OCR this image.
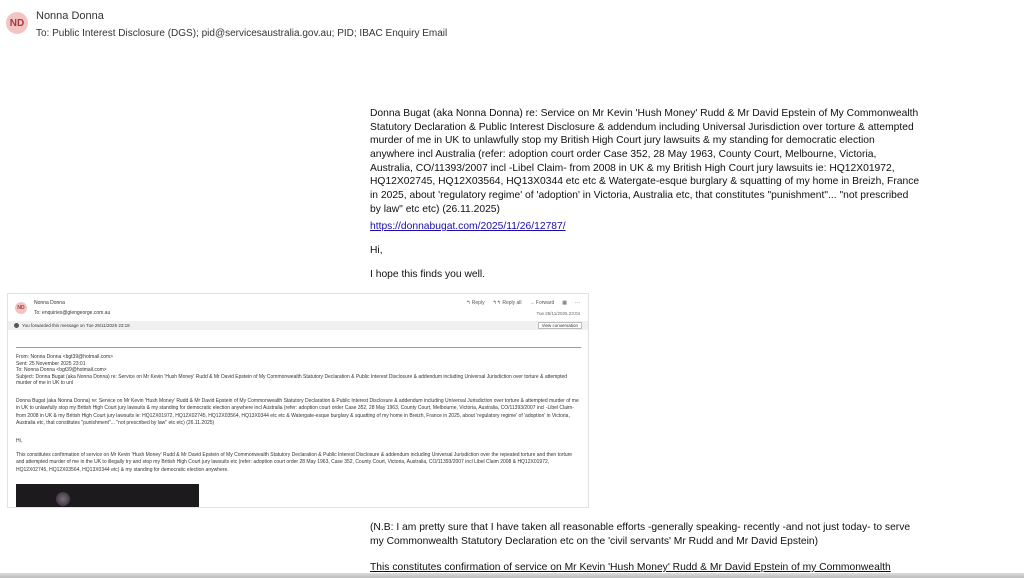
ND
Nonna Donna
To: Public Interest Disclosure (DGS); pid@servicesaustralia.gov.au; PID; IBAC Enquiry Email
Donna Bugat (aka Nonna Donna) re: Service on Mr Kevin 'Hush Money' Rudd & Mr David Epstein of My Commonwealth Statutory Declaration & Public Interest Disclosure & addendum including Universal Jurisdiction over torture & attempted murder of me in UK to unlawfully stop my British High Court jury lawsuits & my standing for democratic election anywhere incl Australia (refer: adoption court order Case 352, 28 May 1963, County Court, Melbourne, Victoria, Australia, CO/11393/2007 incl -Libel Claim- from 2008 in UK & my British High Court jury lawsuits ie: HQ12X01972, HQ12X02745, HQ12X03564, HQ13X0344 etc etc & Watergate-esque burglary & squatting of my home in Breizh, France in 2025, about 'regulatory regime' of 'adoption' in Victoria, Australia etc, that constitutes "punishment"... "not prescribed by law" etc etc) (26.11.2025)
https://donnabugat.com/2025/11/26/12787/
Hi,
I hope this finds you well.
ND
Nonna Donna
To: enquiries@glengeorge.com.au
↰ Reply ↰↰ Reply all → Forward ▦ ···
Tue 25/11/2025 23:04
You forwarded this message on Tue 25/11/2025 23:18	View conversation
From: Nonna Donna <bgt39@hotmail.com>
Sent: 25 November 2025 23:01
To: Nonna Donna <bgt39@hotmail.com>
Subject: Donna Bugat (aka Nonna Donna) re: Service on Mr Kevin 'Hush Money' Rudd & Mr David Epstein of My Commonwealth Statutory Declaration & Public Interest Disclosure & addendum including Universal Jurisdiction over torture & attempted murder of me in UK to unl
Donna Bugat (aka Nonna Donna) re: Service on Mr Kevin 'Hush Money' Rudd & Mr David Epstein of My Commonwealth Statutory Declaration & Public Interest Disclosure & addendum including Universal Jurisdiction over torture & attempted murder of me in UK to unlawfully stop my British High Court jury lawsuits & my standing for democratic election anywhere incl Australia (refer: adoption court order Case 352, 28 May 1963, County Court, Melbourne, Victoria, Australia, CO/11393/2007 incl -Libel Claim- from 2008 in UK & my British High Court jury lawsuits ie: HQ12X01972, HQ12X02745, HQ12X03564, HQ13X0344 etc etc & Watergate-esque burglary & squatting of my home in Breizh, France in 2025, about 'regulatory regime' of 'adoption' in Victoria, Australia etc, that constitutes "punishment"... "not prescribed by law" etc etc) (26.11.2025)
Hi,
This constitutes confirmation of service on Mr Kevin 'Hush Money' Rudd & Mr David Epstein of My Commonwealth Statutory Declaration & Public Interest Disclosure & addendum including Universal Jurisdiction over the repeated torture and then torture and attempted murder of me in the UK to illegally try and stop my British High Court jury lawsuits etc (refer: adoption court order 28 May 1963, Case 352, County Court, Victoria, Australia, CO/11393/2007 incl Libel Claim 2008 & HQ12X01972, HQ12X02745, HQ12X03564, HQ13X0344 etc) & my standing for democratic election anywhere.
(N.B: I am pretty sure that I have taken all reasonable efforts -generally speaking- recently -and not just today- to serve my Commonwealth Statutory Declaration etc on the 'civil servants' Mr Rudd and Mr David Epstein)
This constitutes confirmation of service on Mr Kevin 'Hush Money' Rudd & Mr David Epstein of my Commonwealth
